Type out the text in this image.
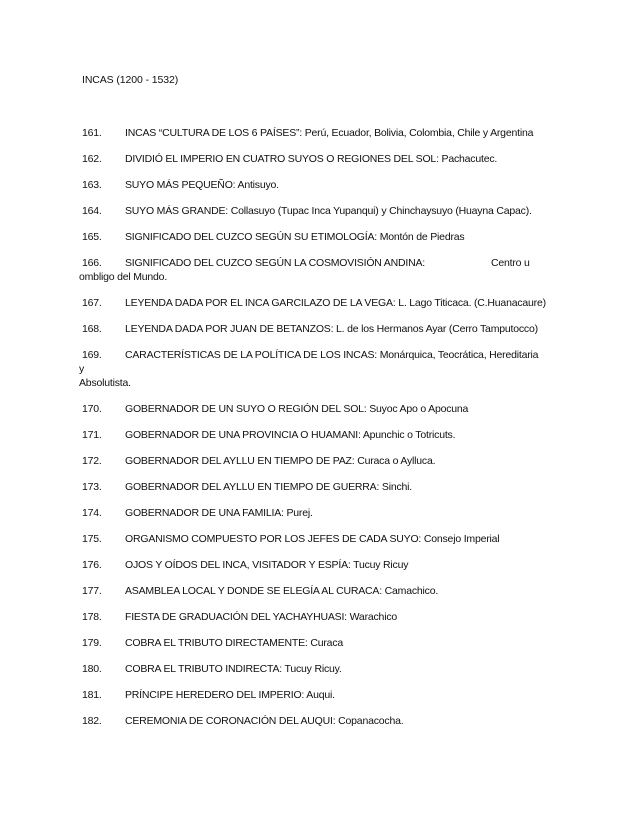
INCAS (1200 - 1532)
161. INCAS “CULTURA DE LOS 6 PAÍSES”: Perú, Ecuador, Bolivia, Colombia, Chile y Argentina
162. DIVIDIÓ EL IMPERIO EN CUATRO SUYOS O REGIONES DEL SOL: Pachacutec.
163. SUYO MÁS PEQUEÑO: Antisuyo.
164. SUYO MÁS GRANDE: Collasuyo (Tupac Inca Yupanqui) y Chinchaysuyo (Huayna Capac).
165. SIGNIFICADO DEL CUZCO SEGÚN SU ETIMOLOGÍA: Montón de Piedras
166. SIGNIFICADO DEL CUZCO SEGÚN LA COSMOVISIÓN ANDINA:	Centro u
ombligo del Mundo.
167. LEYENDA DADA POR EL INCA GARCILAZO DE LA VEGA: L. Lago Titicaca. (C.Huanacaure)
168. LEYENDA DADA POR JUAN DE BETANZOS: L. de los Hermanos Ayar (Cerro Tamputocco)
169. CARACTERÍSTICAS DE LA POLÍTICA DE LOS INCAS: Monárquica, Teocrática, Hereditaria y
Absolutista.
170. GOBERNADOR DE UN SUYO O REGIÓN DEL SOL: Suyoc Apo o Apocuna
171. GOBERNADOR DE UNA PROVINCIA O HUAMANI: Apunchic o Totricuts.
172. GOBERNADOR DEL AYLLU EN TIEMPO DE PAZ: Curaca o Aylluca.
173. GOBERNADOR DEL AYLLU EN TIEMPO DE GUERRA: Sinchi.
174. GOBERNADOR DE UNA FAMILIA: Purej.
175. ORGANISMO COMPUESTO POR LOS JEFES DE CADA SUYO: Consejo Imperial
176. OJOS Y OÍDOS DEL INCA, VISITADOR Y ESPÍA: Tucuy Ricuy
177. ASAMBLEA LOCAL Y DONDE SE ELEGÍA AL CURACA: Camachico.
178. FIESTA DE GRADUACIÓN DEL YACHAYHUASI: Warachico
179. COBRA EL TRIBUTO DIRECTAMENTE: Curaca
180. COBRA EL TRIBUTO INDIRECTA: Tucuy Ricuy.
181. PRÍNCIPE HEREDERO DEL IMPERIO: Auqui.
182. CEREMONIA DE CORONACIÓN DEL AUQUI: Copanacocha.
